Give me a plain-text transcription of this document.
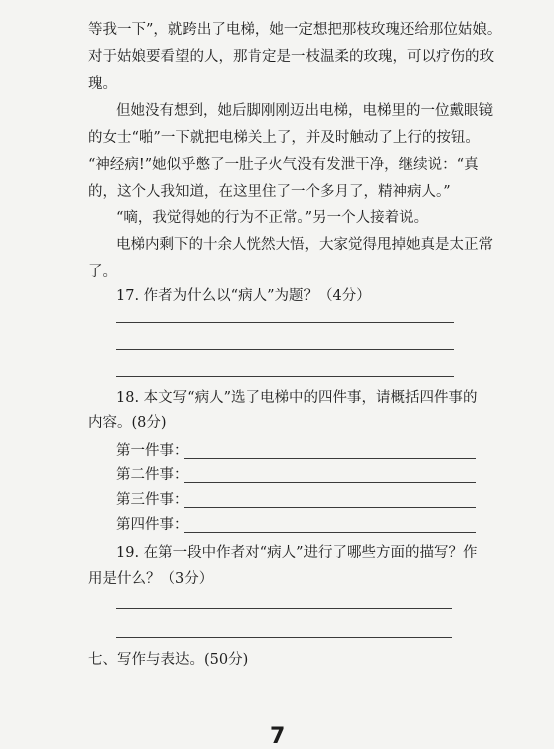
等我一下”，就跨出了电梯，她一定想把那枝玫瑰还给那位姑娘。
对于姑娘要看望的人，那肯定是一枝温柔的玫瑰，可以疗伤的玫
瑰。
但她没有想到，她后脚刚刚迈出电梯，电梯里的一位戴眼镜
的女士“啪”一下就把电梯关上了，并及时触动了上行的按钮。
“神经病!”她似乎憋了一肚子火气没有发泄干净，继续说：“真
的，这个人我知道，在这里住了一个多月了，精神病人。”
“嘀，我觉得她的行为不正常。”另一个人接着说。
电梯内剩下的十余人恍然大悟，大家觉得甩掉她真是太正常
了。
17. 作者为什么以“病人”为题？（4分）
18. 本文写“病人”选了电梯中的四件事，请概括四件事的
内容。(8分)
第一件事：
第二件事：
第三件事：
第四件事：
19. 在第一段中作者对“病人”进行了哪些方面的描写？作
用是什么？（3分）
七、写作与表达。(50分)
7
